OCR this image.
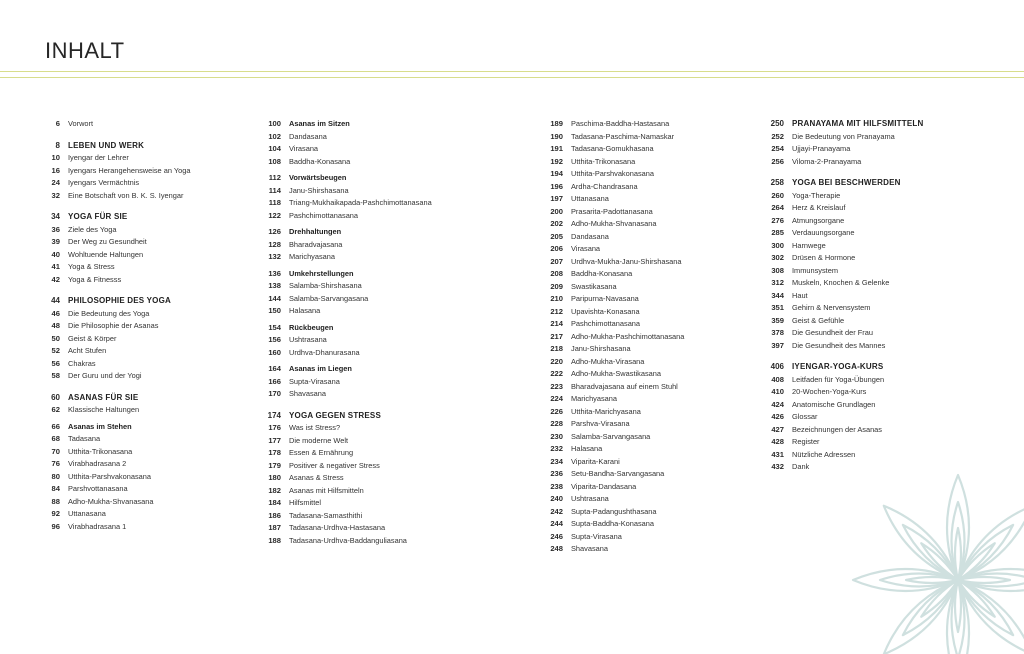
INHALT
6 Vorwort
8 LEBEN UND WERK
10 Iyengar der Lehrer
16 Iyengars Herangehensweise an Yoga
24 Iyengars Vermächtnis
32 Eine Botschaft von B. K. S. Iyengar
34 YOGA FÜR SIE
36 Ziele des Yoga
39 Der Weg zu Gesundheit
40 Wohltuende Haltungen
41 Yoga & Stress
42 Yoga & Fitnesss
44 PHILOSOPHIE DES YOGA
46 Die Bedeutung des Yoga
48 Die Philosophie der Asanas
50 Geist & Körper
52 Acht Stufen
56 Chakras
58 Der Guru und der Yogi
60 ASANAS FÜR SIE
62 Klassische Haltungen
66 Asanas im Stehen
68 Tadasana
70 Utthita-Trikonasana
76 Virabhadrasana 2
80 Utthita-Parshvakonasana
84 Parshvottanasana
88 Adho-Mukha-Shvanasana
92 Uttanasana
96 Virabhadrasana 1
100 Asanas im Sitzen
102 Dandasana
104 Virasana
108 Baddha-Konasana
112 Vorwärtsbeugen
114 Janu-Shirshasana
118 Triang-Mukhaikapada-Pashchimottanasana
122 Pashchimottanasana
126 Drehhaltungen
128 Bharadvajasana
132 Marichyasana
136 Umkehrstellungen
138 Salamba-Shirshasana
144 Salamba-Sarvangasana
150 Halasana
154 Rückbeugen
156 Ushtrasana
160 Urdhva-Dhanurasana
164 Asanas im Liegen
166 Supta-Virasana
170 Shavasana
174 YOGA GEGEN STRESS
176 Was ist Stress?
177 Die moderne Welt
178 Essen & Ernährung
179 Positiver & negativer Stress
180 Asanas & Stress
182 Asanas mit Hilfsmitteln
184 Hilfsmittel
186 Tadasana-Samasthithi
187 Tadasana-Urdhva-Hastasana
188 Tadasana-Urdhva-Baddanguliasana
189 Paschima-Baddha-Hastasana
190 Tadasana-Paschima-Namaskar
191 Tadasana-Gomukhasana
192 Utthita-Trikonasana
194 Utthita-Parshvakonasana
196 Ardha-Chandrasana
197 Uttanasana
200 Prasarita-Padottanasana
202 Adho-Mukha-Shvanasana
205 Dandasana
206 Virasana
207 Urdhva-Mukha-Janu-Shirshasana
208 Baddha-Konasana
209 Swastikasana
210 Paripurna-Navasana
212 Upavishta-Konasana
214 Pashchimottanasana
217 Adho-Mukha-Pashchimottanasana
218 Janu-Shirshasana
220 Adho-Mukha-Virasana
222 Adho-Mukha-Swastikasana
223 Bharadvajasana auf einem Stuhl
224 Marichyasana
226 Utthita-Marichyasana
228 Parshva-Virasana
230 Salamba-Sarvangasana
232 Halasana
234 Viparita-Karani
236 Setu-Bandha-Sarvangasana
238 Viparita-Dandasana
240 Ushtrasana
242 Supta-Padangushthasana
244 Supta-Baddha-Konasana
246 Supta-Virasana
248 Shavasana
250 PRANAYAMA MIT HILFSMITTELN
252 Die Bedeutung von Pranayama
254 Ujjayi-Pranayama
256 Viloma-2-Pranayama
258 YOGA BEI BESCHWERDEN
260 Yoga-Therapie
264 Herz & Kreislauf
276 Atmungsorgane
285 Verdauungsorgane
300 Harnwege
302 Drüsen & Hormone
308 Immunsystem
312 Muskeln, Knochen & Gelenke
344 Haut
351 Gehirn & Nervensystem
359 Geist & Gefühle
378 Die Gesundheit der Frau
397 Die Gesundheit des Mannes
406 IYENGAR-YOGA-KURS
408 Leitfaden für Yoga-Übungen
410 20-Wochen-Yoga-Kurs
424 Anatomische Grundlagen
426 Glossar
427 Bezeichnungen der Asanas
428 Register
431 Nützliche Adressen
432 Dank
